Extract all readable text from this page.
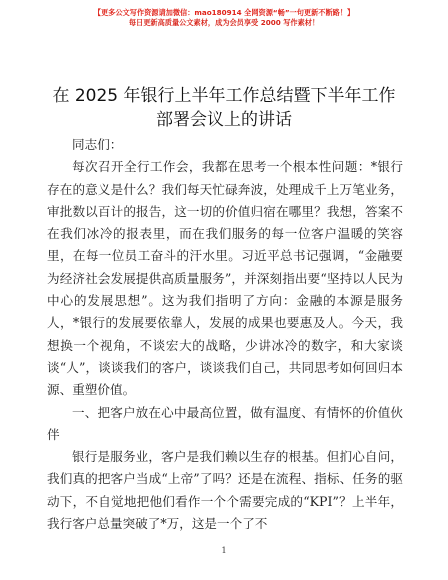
【更多公文写作资源请加微信：mao180914 全网资源“畅”一句更新不断路！】
每日更新高质量公文素材，成为会员享受 2000 写作素材！
在 2025 年银行上半年工作总结暨下半年工作部署会议上的讲话

同志们：

每次召开全行工作会，我都在思考一个根本性问题：*银行存在的意义是什么？我们每天忙碌奔波，处理成千上万笔业务，审批数以百计的报告，这一切的价值归宿在哪里？我想，答案不在我们冰冷的报表里，而在我们服务的每一位客户温暖的笑容里，在每一位员工奋斗的汗水里。习近平总书记强调，“金融要为经济社会发展提供高质量服务”，并深刻指出要“坚持以人民为中心的发展思想”。这为我们指明了方向：金融的本源是服务人，*银行的发展要依靠人，发展的成果也要惠及人。今天，我想换一个视角，不谈宏大的战略，少讲冰冷的数字，和大家谈谈“人”，谈谈我们的客户，谈谈我们自己，共同思考如何回归本源、重塑价值。

一、把客户放在心中最高位置，做有温度、有情怀的价值伙伴

银行是服务业，客户是我们赖以生存的根基。但扪心自问，我们真的把客户当成“上帝”了吗？还是在流程、指标、任务的驱动下，不自觉地把他们看作一个个需要完成的“KPI”？上半年，我行客户总量突破了*万，这是一个了不

1
